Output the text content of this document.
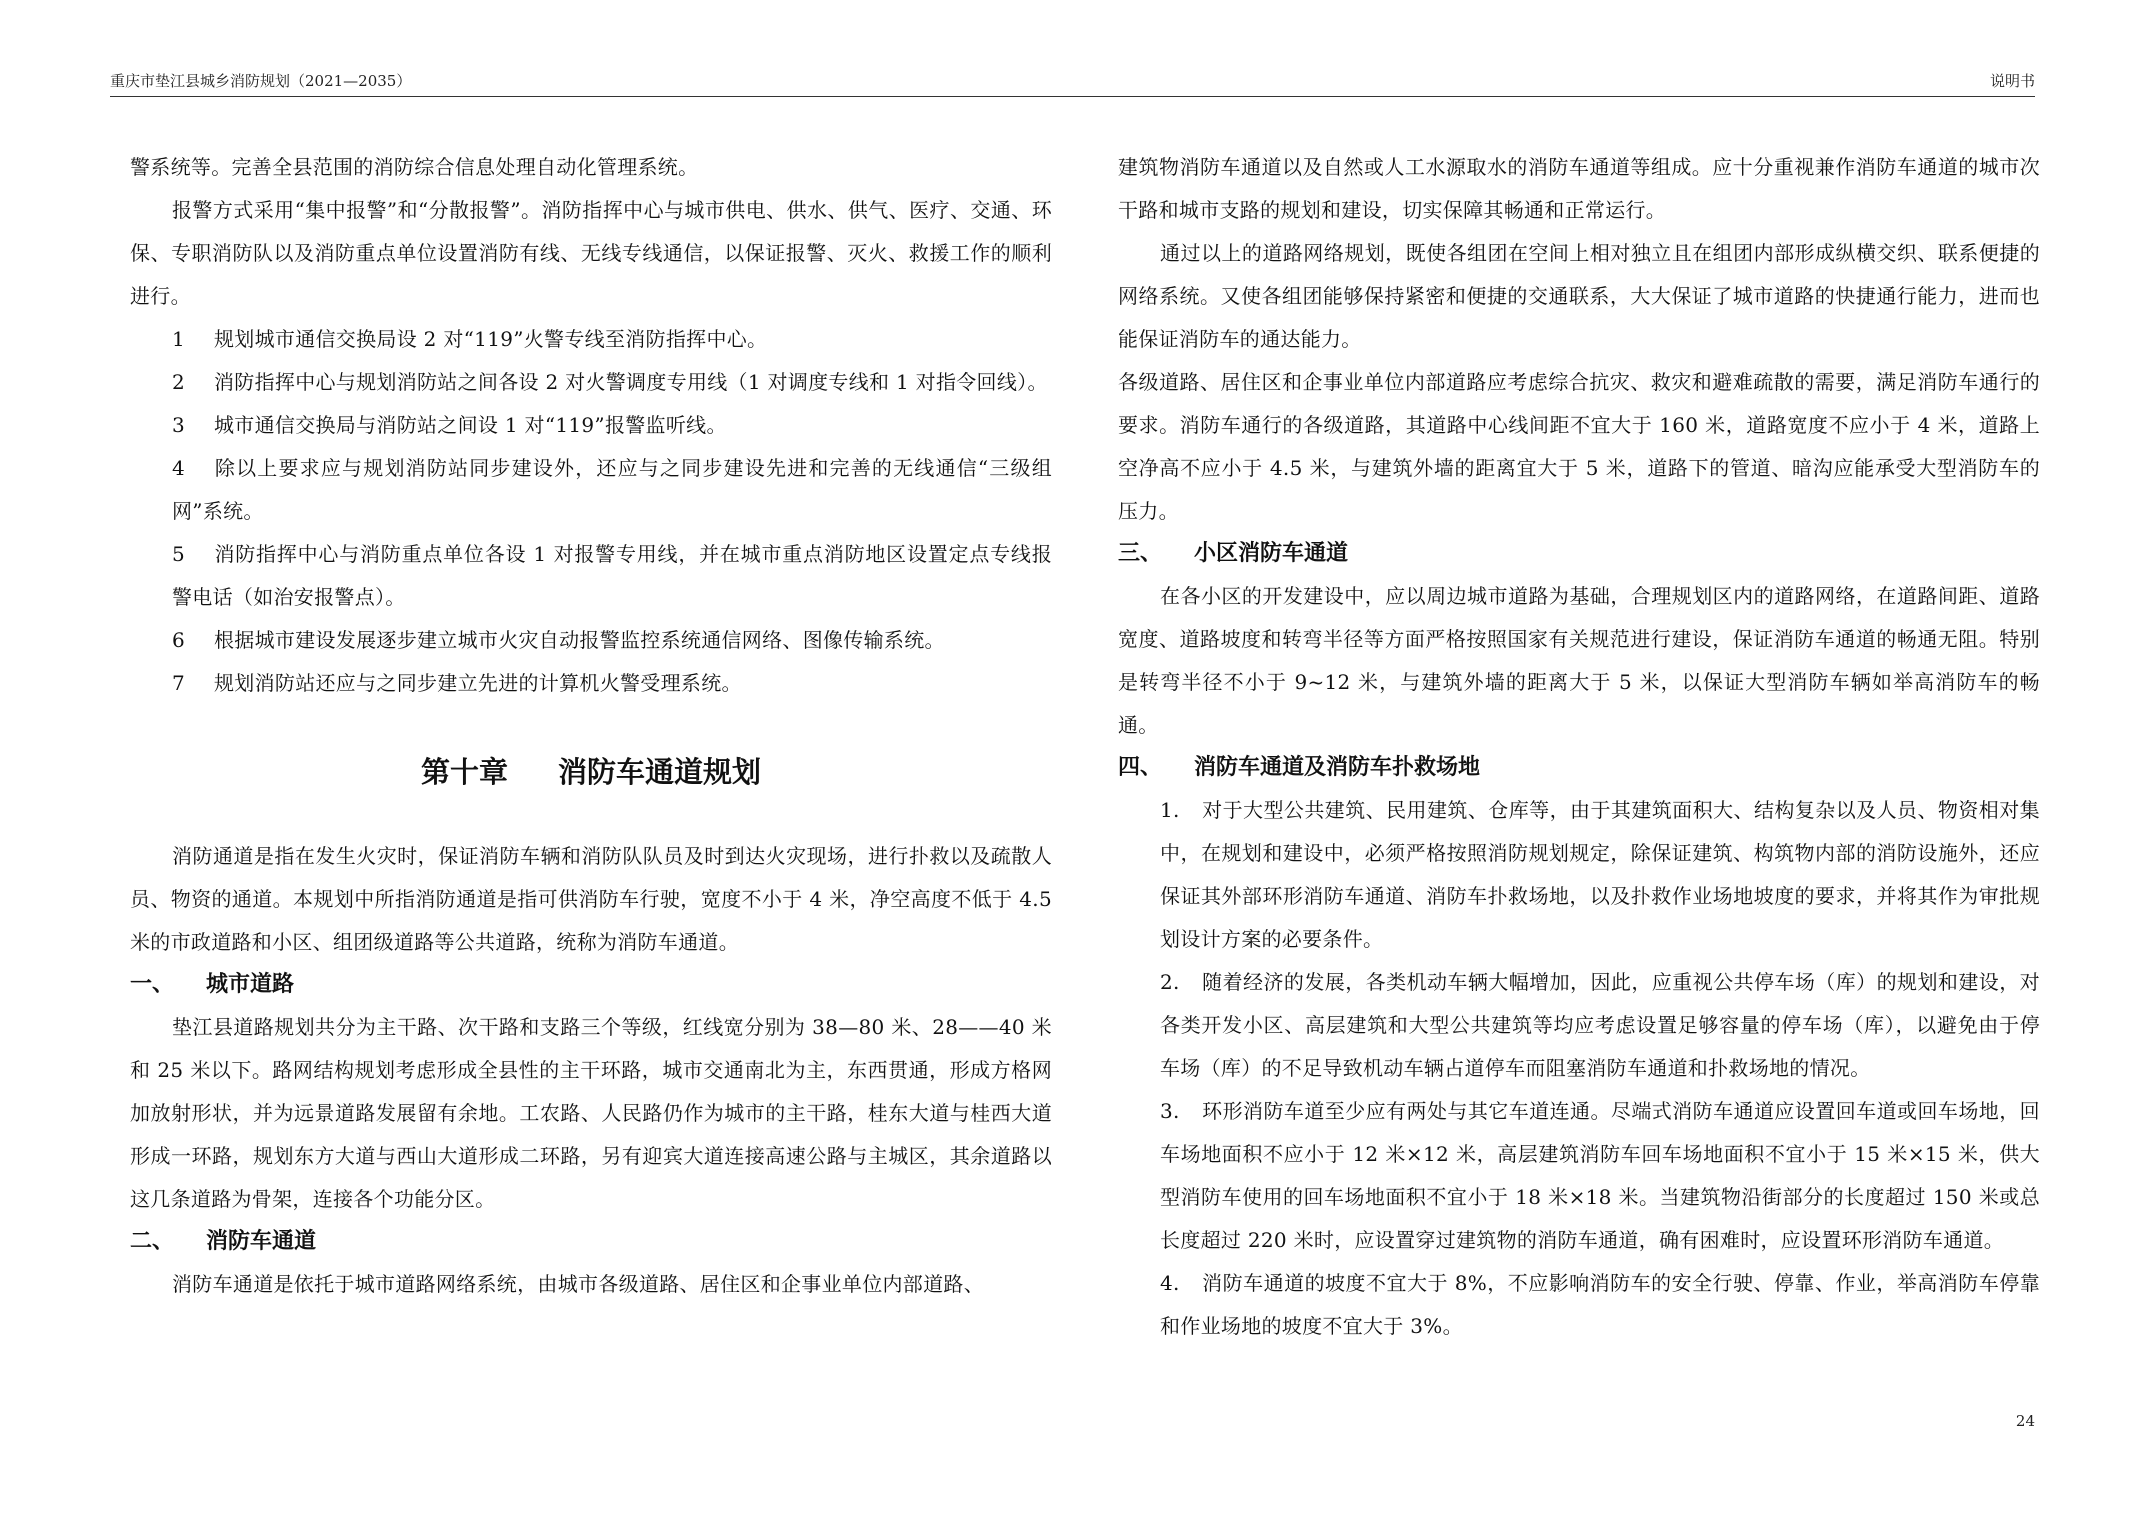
重庆市垫江县城乡消防规划（2021—2035）	说明书

警系统等。完善全县范围的消防综合信息处理自动化管理系统。

报警方式采用“集中报警”和“分散报警”。消防指挥中心与城市供电、供水、供气、医疗、交通、环保、专职消防队以及消防重点单位设置消防有线、无线专线通信，以保证报警、灭火、救援工作的顺利进行。

1 规划城市通信交换局设 2 对“119”火警专线至消防指挥中心。

2 消防指挥中心与规划消防站之间各设 2 对火警调度专用线（1 对调度专线和 1 对指令回线）。

3 城市通信交换局与消防站之间设 1 对“119”报警监听线。

4 除以上要求应与规划消防站同步建设外，还应与之同步建设先进和完善的无线通信“三级组网”系统。

5 消防指挥中心与消防重点单位各设 1 对报警专用线，并在城市重点消防地区设置定点专线报警电话（如治安报警点）。

6 根据城市建设发展逐步建立城市火灾自动报警监控系统通信网络、图像传输系统。

7 规划消防站还应与之同步建立先进的计算机火警受理系统。

第十章 消防车通道规划

消防通道是指在发生火灾时，保证消防车辆和消防队队员及时到达火灾现场，进行扑救以及疏散人员、物资的通道。本规划中所指消防通道是指可供消防车行驶，宽度不小于 4 米，净空高度不低于 4.5 米的市政道路和小区、组团级道路等公共道路，统称为消防车通道。

一、 城市道路

垫江县道路规划共分为主干路、次干路和支路三个等级，红线宽分别为 38—80 米、28——40 米和 25 米以下。路网结构规划考虑形成全县性的主干环路，城市交通南北为主，东西贯通，形成方格网加放射形状，并为远景道路发展留有余地。工农路、人民路仍作为城市的主干路，桂东大道与桂西大道形成一环路，规划东方大道与西山大道形成二环路，另有迎宾大道连接高速公路与主城区，其余道路以这几条道路为骨架，连接各个功能分区。

二、 消防车通道

消防车通道是依托于城市道路网络系统，由城市各级道路、居住区和企事业单位内部道路、

建筑物消防车通道以及自然或人工水源取水的消防车通道等组成。应十分重视兼作消防车通道的城市次干路和城市支路的规划和建设，切实保障其畅通和正常运行。

通过以上的道路网络规划，既使各组团在空间上相对独立且在组团内部形成纵横交织、联系便捷的网络系统。又使各组团能够保持紧密和便捷的交通联系，大大保证了城市道路的快捷通行能力，进而也能保证消防车的通达能力。

各级道路、居住区和企事业单位内部道路应考虑综合抗灾、救灾和避难疏散的需要，满足消防车通行的要求。消防车通行的各级道路，其道路中心线间距不宜大于 160 米，道路宽度不应小于 4 米，道路上空净高不应小于 4.5 米，与建筑外墙的距离宜大于 5 米，道路下的管道、暗沟应能承受大型消防车的压力。

三、 小区消防车通道

在各小区的开发建设中，应以周边城市道路为基础，合理规划区内的道路网络，在道路间距、道路宽度、道路坡度和转弯半径等方面严格按照国家有关规范进行建设，保证消防车通道的畅通无阻。特别是转弯半径不小于 9~12 米，与建筑外墙的距离大于 5 米，以保证大型消防车辆如举高消防车的畅通。

四、 消防车通道及消防车扑救场地

1. 对于大型公共建筑、民用建筑、仓库等，由于其建筑面积大、结构复杂以及人员、物资相对集中，在规划和建设中，必须严格按照消防规划规定，除保证建筑、构筑物内部的消防设施外，还应保证其外部环形消防车通道、消防车扑救场地，以及扑救作业场地坡度的要求，并将其作为审批规划设计方案的必要条件。

2. 随着经济的发展，各类机动车辆大幅增加，因此，应重视公共停车场（库）的规划和建设，对各类开发小区、高层建筑和大型公共建筑等均应考虑设置足够容量的停车场（库），以避免由于停车场（库）的不足导致机动车辆占道停车而阻塞消防车通道和扑救场地的情况。

3. 环形消防车道至少应有两处与其它车道连通。尽端式消防车通道应设置回车道或回车场地，回车场地面积不应小于 12 米×12 米，高层建筑消防车回车场地面积不宜小于 15 米×15 米，供大型消防车使用的回车场地面积不宜小于 18 米×18 米。当建筑物沿街部分的长度超过 150 米或总长度超过 220 米时，应设置穿过建筑物的消防车通道，确有困难时，应设置环形消防车通道。

4. 消防车通道的坡度不宜大于 8%，不应影响消防车的安全行驶、停靠、作业，举高消防车停靠和作业场地的坡度不宜大于 3%。

24
